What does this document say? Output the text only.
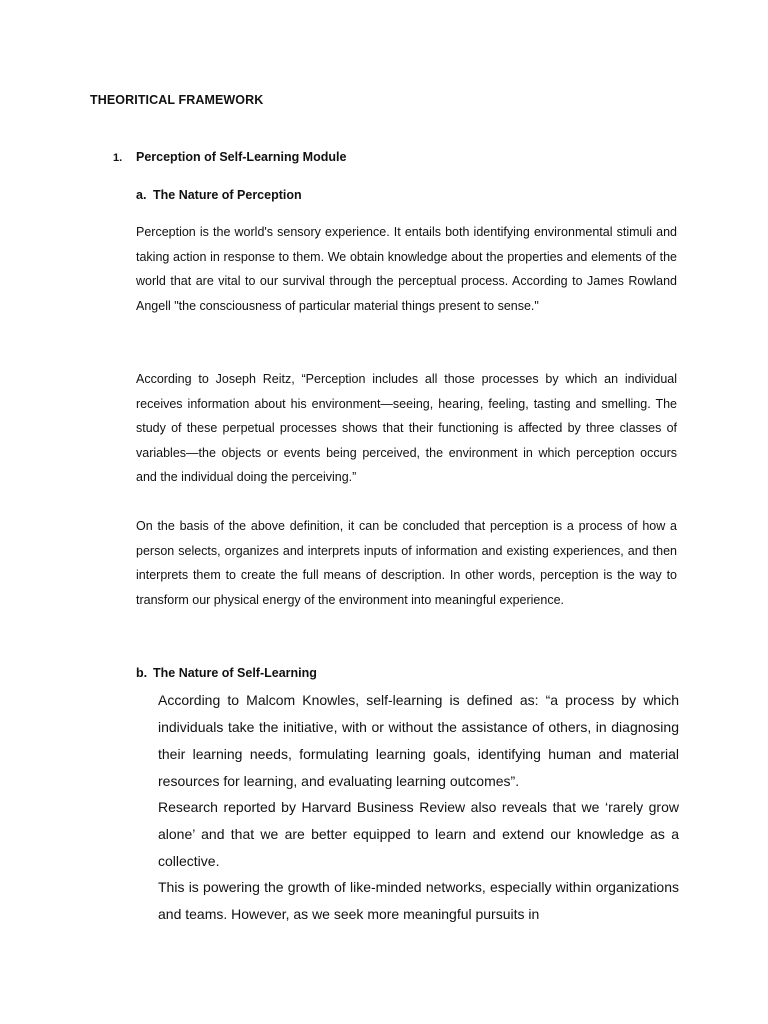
THEORITICAL FRAMEWORK
1. Perception of Self-Learning Module
a. The Nature of Perception

Perception is the world's sensory experience. It entails both identifying environmental stimuli and taking action in response to them. We obtain knowledge about the properties and elements of the world that are vital to our survival through the perceptual process. According to James Rowland Angell "the consciousness of particular material things present to sense."

According to Joseph Reitz, “Perception includes all those processes by which an individual receives information about his environment—seeing, hearing, feeling, tasting and smelling. The study of these perpetual processes shows that their functioning is affected by three classes of variables—the objects or events being perceived, the environment in which perception occurs and the individual doing the perceiving.”

On the basis of the above definition, it can be concluded that perception is a process of how a person selects, organizes and interprets inputs of information and existing experiences, and then interprets them to create the full means of description. In other words, perception is the way to transform our physical energy of the environment into meaningful experience.

b. The Nature of Self-Learning

According to Malcom Knowles, self-learning is defined as: “a process by which individuals take the initiative, with or without the assistance of others, in diagnosing their learning needs, formulating learning goals, identifying human and material resources for learning, and evaluating learning outcomes”.

Research reported by Harvard Business Review also reveals that we ‘rarely grow alone’ and that we are better equipped to learn and extend our knowledge as a collective.

This is powering the growth of like-minded networks, especially within organizations and teams. However, as we seek more meaningful pursuits in
